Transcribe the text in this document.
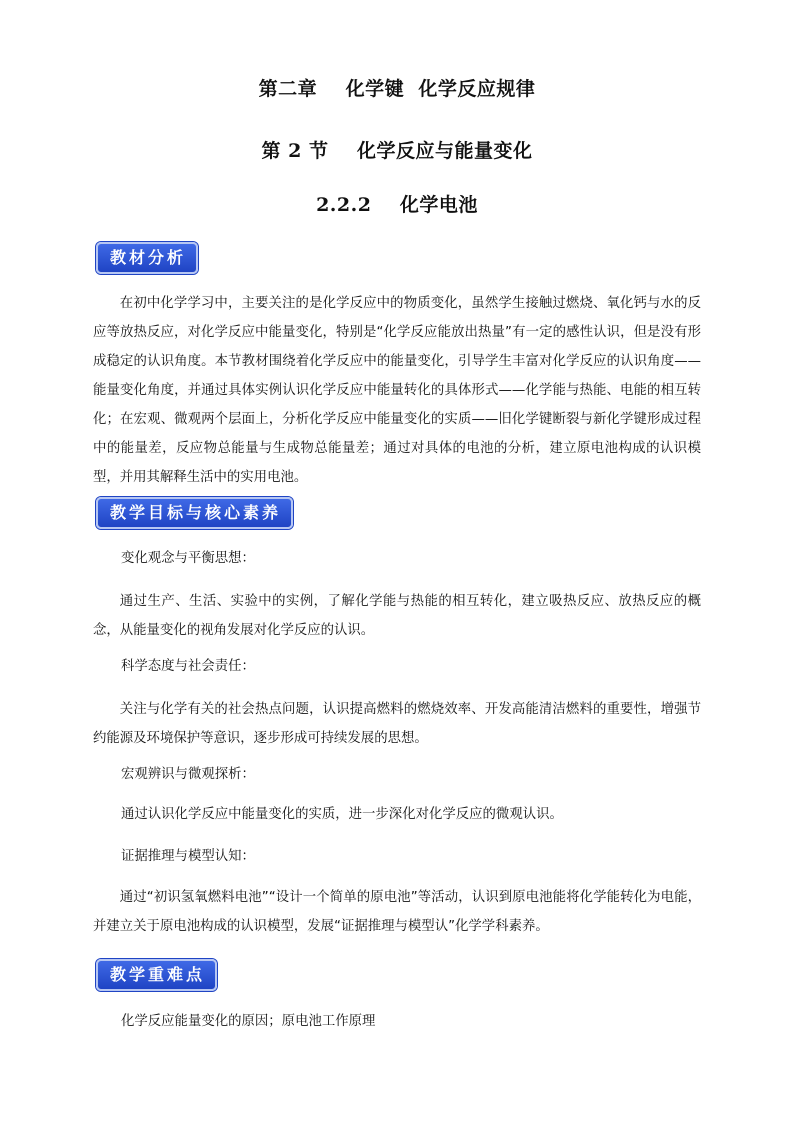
第二章    化学键  化学反应规律
第 2 节    化学反应与能量变化
2.2.2    化学电池
教材分析

在初中化学学习中，主要关注的是化学反应中的物质变化，虽然学生接触过燃烧、氧化钙与水的反应等放热反应，对化学反应中能量变化，特别是“化学反应能放出热量”有一定的感性认识，但是没有形成稳定的认识角度。本节教材围绕着化学反应中的能量变化，引导学生丰富对化学反应的认识角度——能量变化角度，并通过具体实例认识化学反应中能量转化的具体形式——化学能与热能、电能的相互转化；在宏观、微观两个层面上，分析化学反应中能量变化的实质——旧化学键断裂与新化学键形成过程中的能量差，反应物总能量与生成物总能量差；通过对具体的电池的分析，建立原电池构成的认识模型，并用其解释生活中的实用电池。

教学目标与核心素养

变化观念与平衡思想：

通过生产、生活、实验中的实例，了解化学能与热能的相互转化，建立吸热反应、放热反应的概念，从能量变化的视角发展对化学反应的认识。

科学态度与社会责任：

关注与化学有关的社会热点问题，认识提高燃料的燃烧效率、开发高能清洁燃料的重要性，增强节约能源及环境保护等意识，逐步形成可持续发展的思想。

宏观辨识与微观探析：

通过认识化学反应中能量变化的实质，进一步深化对化学反应的微观认识。

证据推理与模型认知：

通过“初识氢氧燃料电池”“设计一个简单的原电池”等活动，认识到原电池能将化学能转化为电能，并建立关于原电池构成的认识模型，发展“证据推理与模型认”化学学科素养。

教学重难点

化学反应能量变化的原因；原电池工作原理
